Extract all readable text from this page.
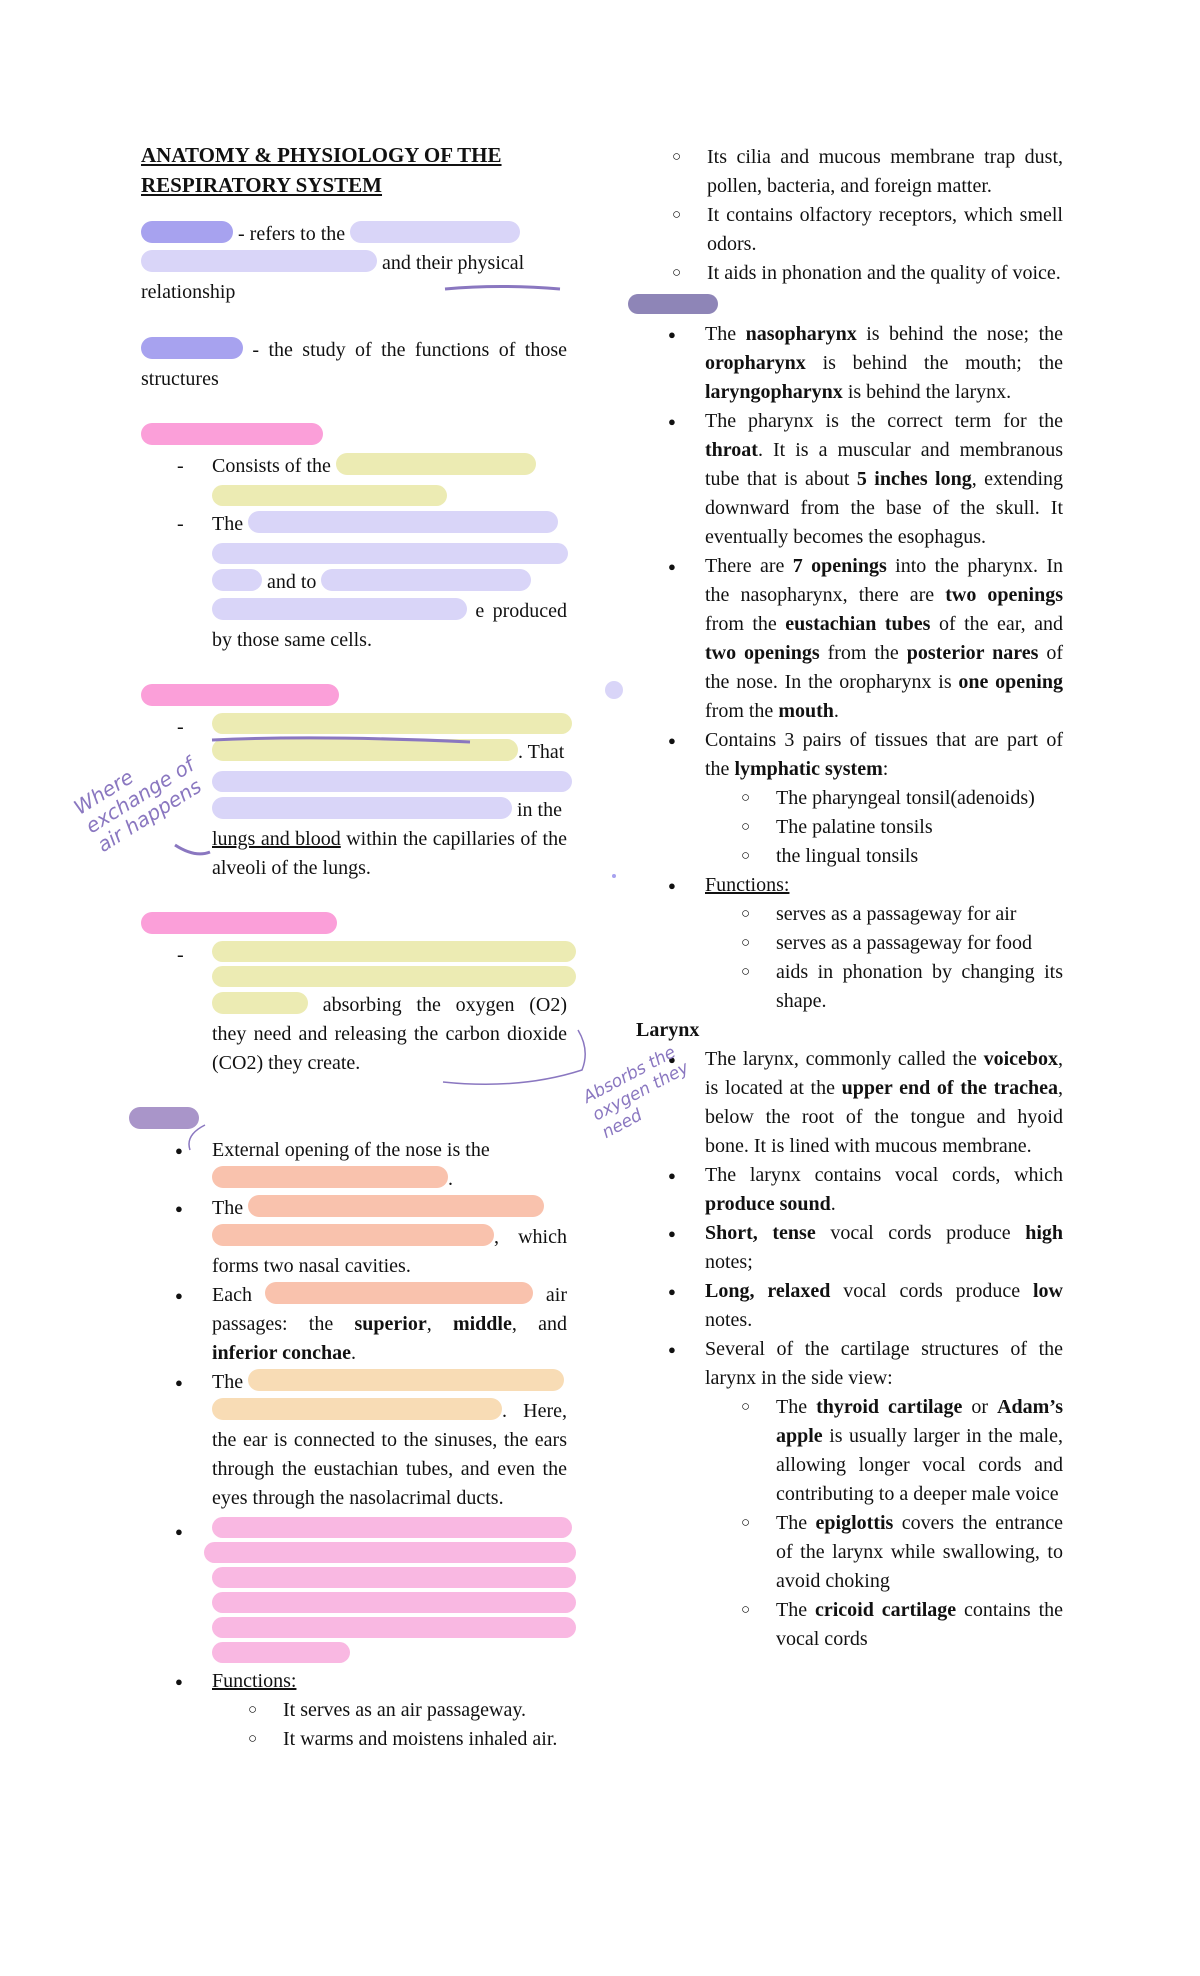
ANATOMY & PHYSIOLOGY OF THE RESPIRATORY SYSTEM

- refers to the
and their physical
relationship

- the study of the functions of those structures

- Consists of the
- The
and to
e produced by those same cells.
- . That
in the
lungs and blood within the capillaries of the alveoli of the lungs.
- absorbing the oxygen (O2) they need and releasing the carbon dioxide (CO2) they create.
● External opening of the nose is the
.
● The
, which forms two nasal cavities.
● Each	air passages: the superior, middle, and inferior conchae.
● The
. Here, the ear is connected to the sinuses, the ears through the eustachian tubes, and even the eyes through the nasolacrimal ducts.
●
● Functions:
○ It serves as an air passageway.
○ It warms and moistens inhaled air.
○ Its cilia and mucous membrane trap dust, pollen, bacteria, and foreign matter.
○ It contains olfactory receptors, which smell odors.
○ It aids in phonation and the quality of voice.
● The nasopharynx is behind the nose; the oropharynx is behind the mouth; the laryngopharynx is behind the larynx.
● The pharynx is the correct term for the throat. It is a muscular and membranous tube that is about 5 inches long, extending downward from the base of the skull. It eventually becomes the esophagus.
● There are 7 openings into the pharynx. In the nasopharynx, there are two openings from the eustachian tubes of the ear, and two openings from the posterior nares of the nose. In the oropharynx is one opening from the mouth.
● Contains 3 pairs of tissues that are part of the lymphatic system:
○ The pharyngeal tonsil(adenoids)
○ The palatine tonsils
○ the lingual tonsils
● Functions:
○ serves as a passageway for air
○ serves as a passageway for food
○ aids in phonation by changing its shape.
Larynx
● The larynx, commonly called the voicebox, is located at the upper end of the trachea, below the root of the tongue and hyoid bone. It is lined with mucous membrane.
● The larynx contains vocal cords, which produce sound.
● Short, tense vocal cords produce high notes;
● Long, relaxed vocal cords produce low notes.
● Several of the cartilage structures of the larynx in the side view:
○ The thyroid cartilage or Adam’s apple is usually larger in the male, allowing longer vocal cords and contributing to a deeper male voice
○ The epiglottis covers the entrance of the larynx while swallowing, to avoid choking
○ The cricoid cartilage contains the vocal cords
Where exchange of air happens
Absorbs the oxygen they need
